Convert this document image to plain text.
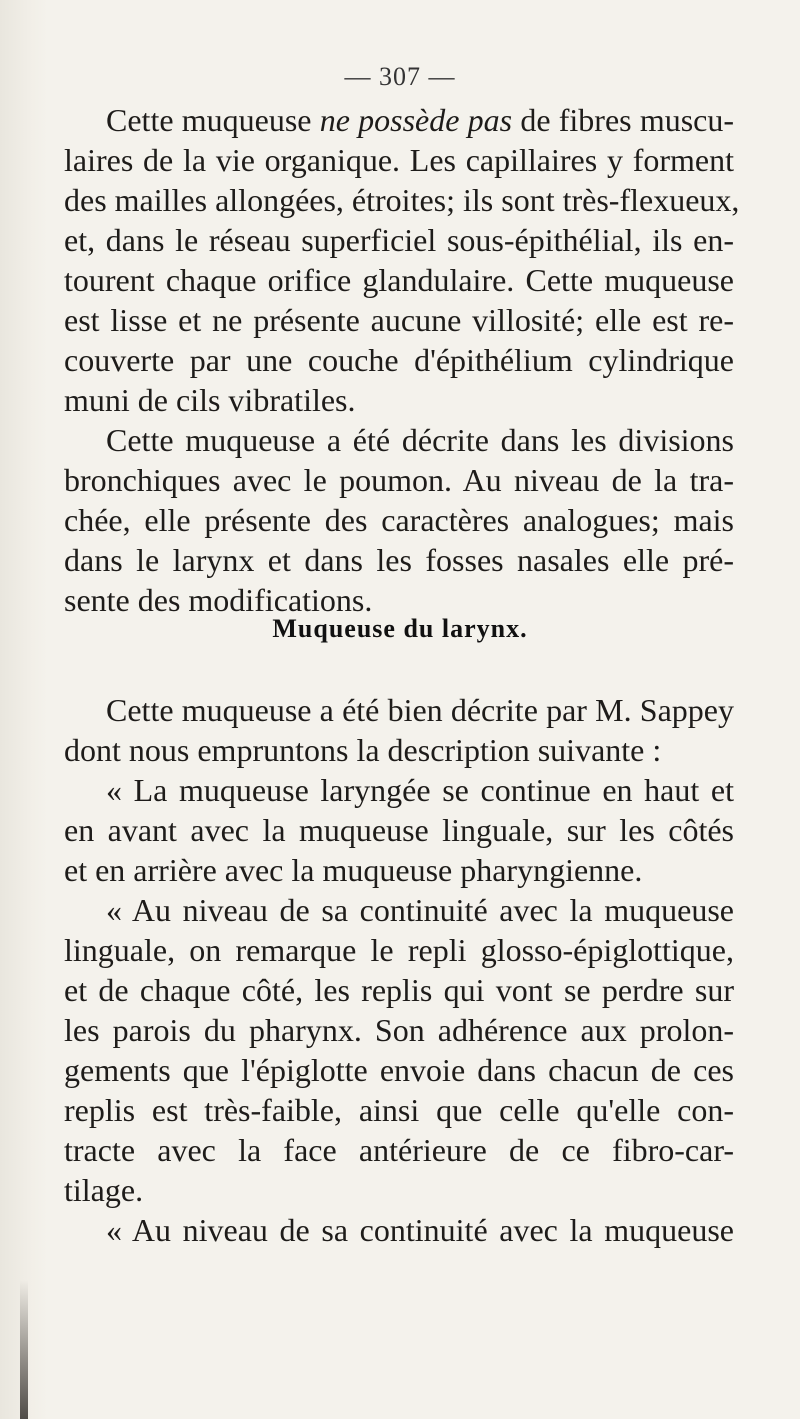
— 307 —
Cette muqueuse ne possède pas de fibres muscu-
laires de la vie organique. Les capillaires y forment
des mailles allongées, étroites; ils sont très-flexueux,
et, dans le réseau superficiel sous-épithélial, ils en-
tourent chaque orifice glandulaire. Cette muqueuse
est lisse et ne présente aucune villosité; elle est re-
couverte par une couche d'épithélium cylindrique
muni de cils vibratiles.
Cette muqueuse a été décrite dans les divisions
bronchiques avec le poumon. Au niveau de la tra-
chée, elle présente des caractères analogues; mais
dans le larynx et dans les fosses nasales elle pré-
sente des modifications.
Muqueuse du larynx.
Cette muqueuse a été bien décrite par M. Sappey
dont nous empruntons la description suivante :
« La muqueuse laryngée se continue en haut et
en avant avec la muqueuse linguale, sur les côtés
et en arrière avec la muqueuse pharyngienne.
« Au niveau de sa continuité avec la muqueuse
linguale, on remarque le repli glosso-épiglottique,
et de chaque côté, les replis qui vont se perdre sur
les parois du pharynx. Son adhérence aux prolon-
gements que l'épiglotte envoie dans chacun de ces
replis est très-faible, ainsi que celle qu'elle con-
tracte avec la face antérieure de ce fibro-car-
tilage.
« Au niveau de sa continuité avec la muqueuse
